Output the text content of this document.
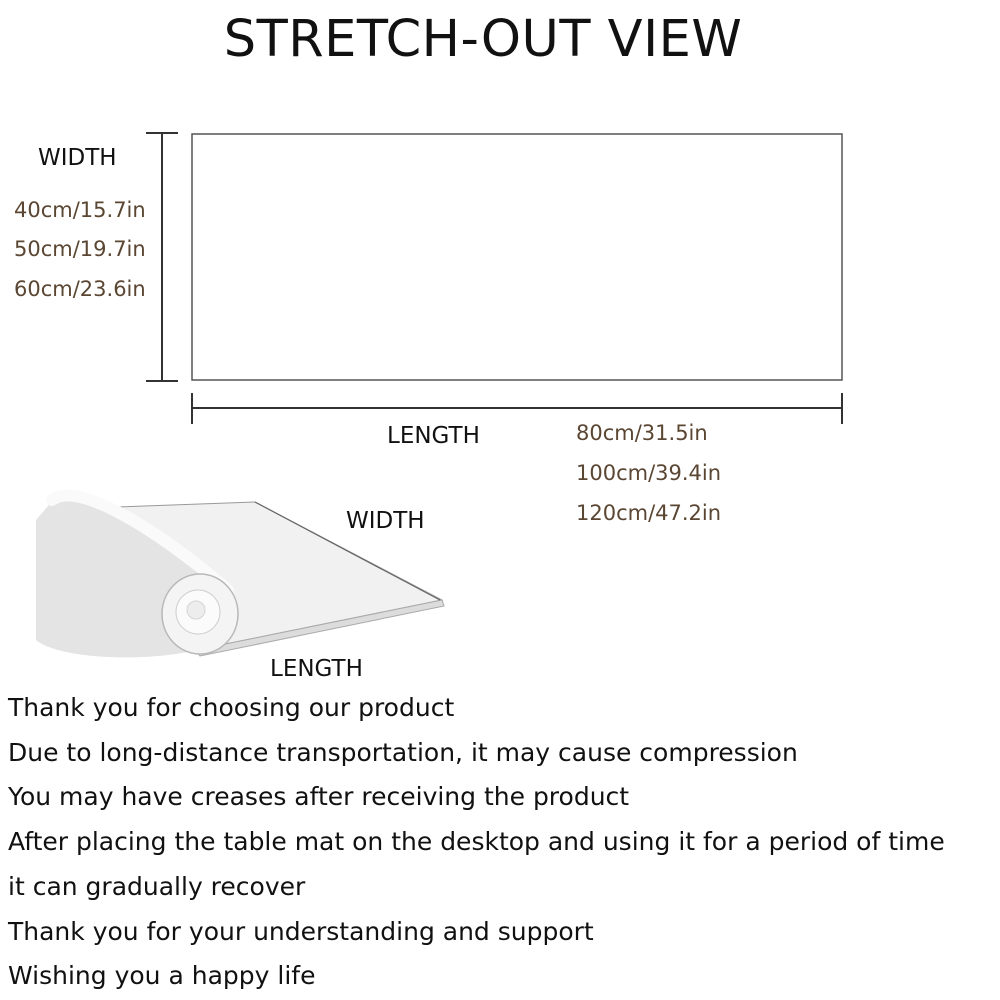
STRETCH-OUT VIEW
WIDTH
40cm/15.7in
50cm/19.7in
60cm/23.6in
LENGTH	80cm/31.5in
100cm/39.4in
120cm/47.2in
WIDTH
LENGTH
Thank you for choosing our product
Due to long-distance transportation, it may cause compression
You may have creases after receiving the product
After placing the table mat on the desktop and using it for a period of time
it can gradually recover
Thank you for your understanding and support
Wishing you a happy life
